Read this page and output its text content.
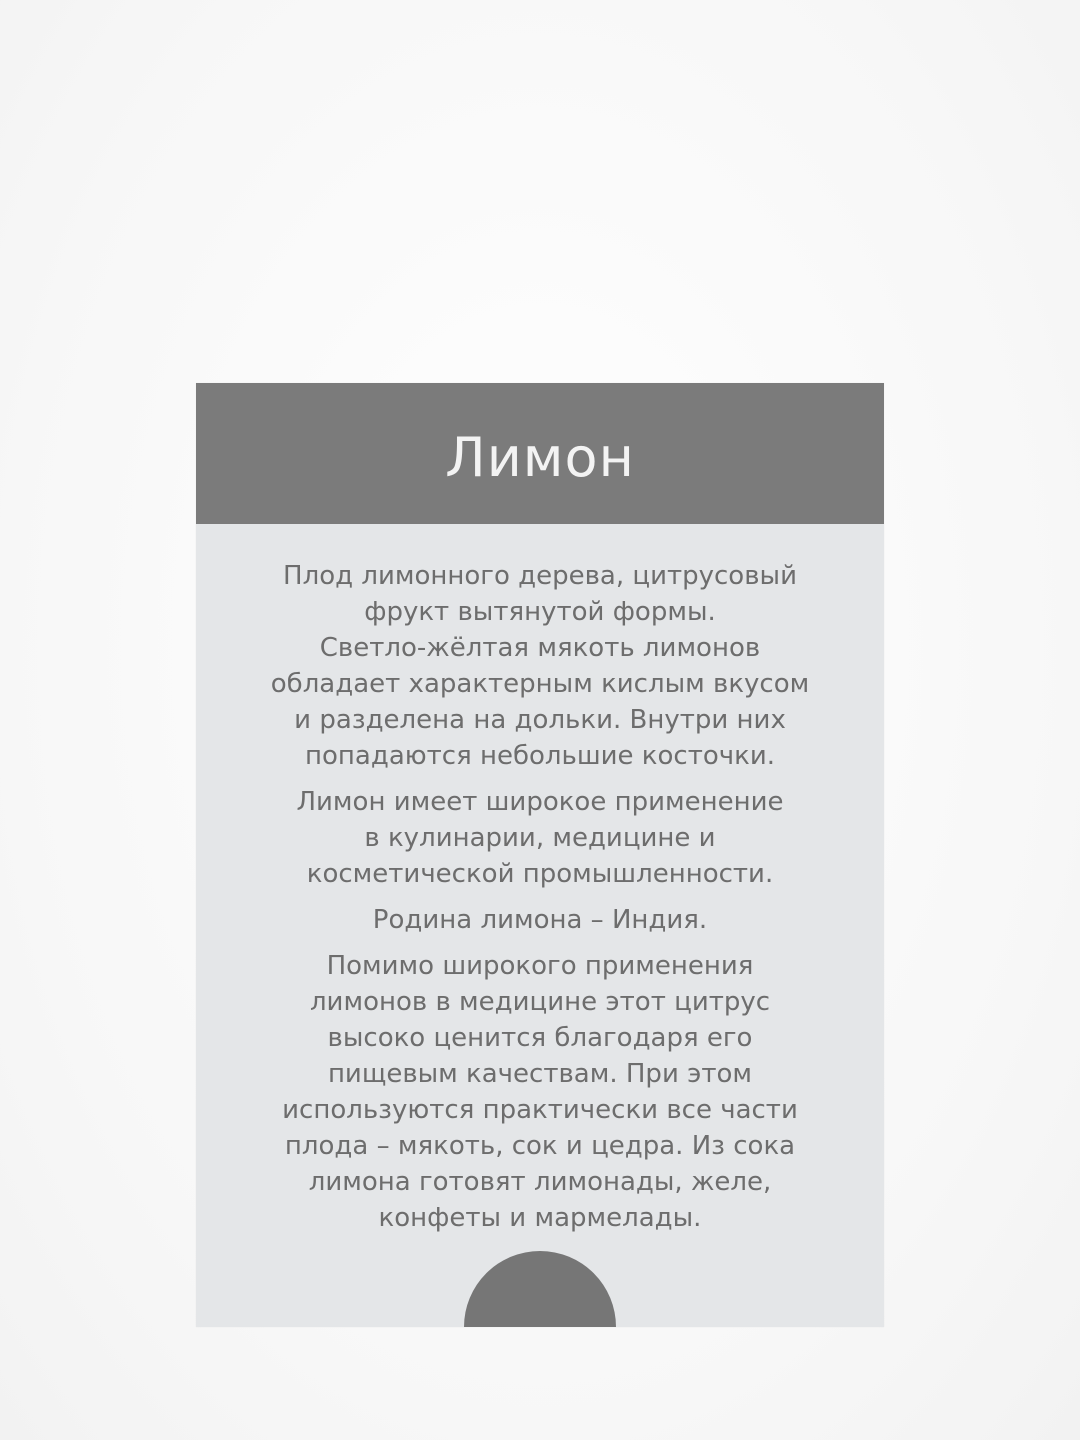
Лимон

Плод лимонного дерева, цитрусовый
фрукт вытянутой формы.
Светло-жёлтая мякоть лимонов
обладает характерным кислым вкусом
и разделена на дольки. Внутри них
попадаются небольшие косточки.

Лимон имеет широкое применение
в кулинарии, медицине и
косметической промышленности.

Родина лимона – Индия.

Помимо широкого применения
лимонов в медицине этот цитрус
высоко ценится благодаря его
пищевым качествам. При этом
используются практически все части
плода – мякоть, сок и цедра. Из сока
лимона готовят лимонады, желе,
конфеты и мармелады.
